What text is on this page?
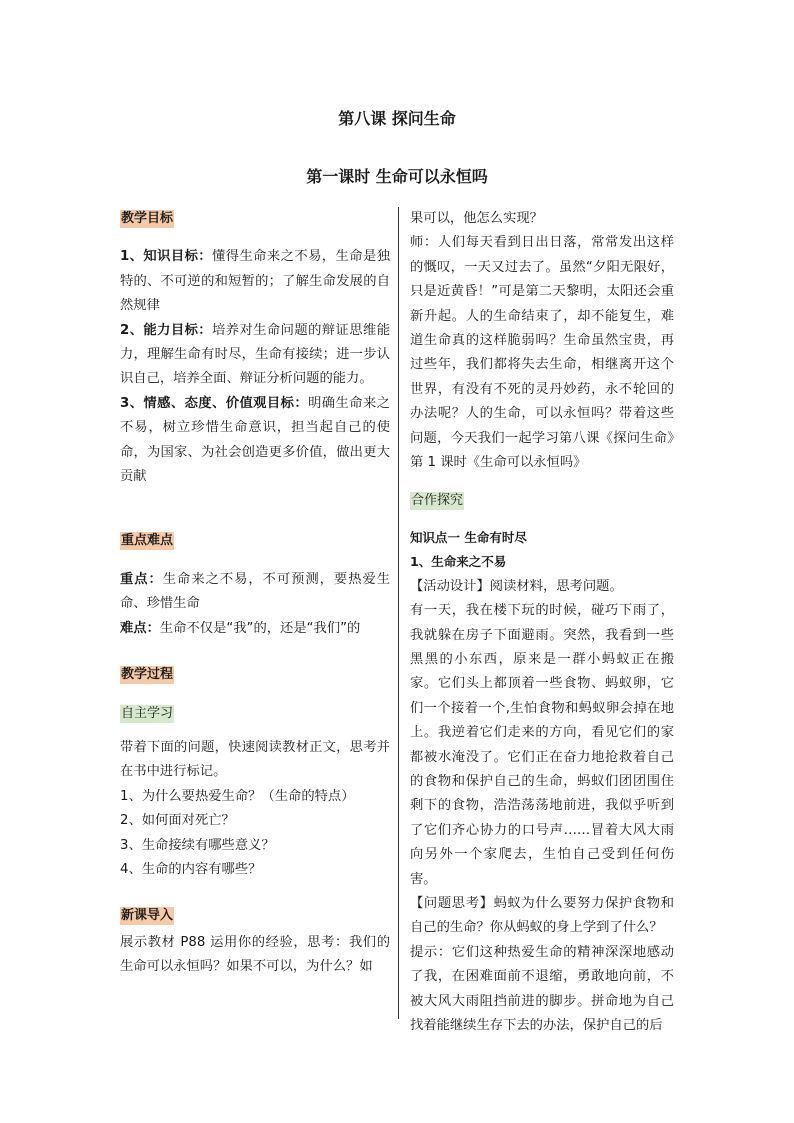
第八课 探问生命
第一课时 生命可以永恒吗
教学目标

1、知识目标：懂得生命来之不易，生命是独特的、不可逆的和短暂的；了解生命发展的自然规律

2、能力目标：培养对生命问题的辩证思维能力，理解生命有时尽，生命有接续；进一步认识自己，培养全面、辩证分析问题的能力。

3、情感、态度、价值观目标：明确生命来之不易，树立珍惜生命意识，担当起自己的使命，为国家、为社会创造更多价值，做出更大贡献

重点难点

重点：生命来之不易，不可预测，要热爱生命、珍惜生命

难点：生命不仅是“我”的，还是“我们”的

教学过程
自主学习

带着下面的问题，快速阅读教材正文，思考并在书中进行标记。

1、为什么要热爱生命？（生命的特点）

2、如何面对死亡？

3、生命接续有哪些意义？

4、生命的内容有哪些？

新课导入

展示教材 P88 运用你的经验，思考：我们的生命可以永恒吗？如果不可以，为什么？如

果可以，他怎么实现？

师：人们每天看到日出日落，常常发出这样的慨叹，一天又过去了。虽然“夕阳无限好，只是近黄昏！”可是第二天黎明，太阳还会重新升起。人的生命结束了，却不能复生，难道生命真的这样脆弱吗？生命虽然宝贵，再过些年，我们都将失去生命，相继离开这个世界，有没有不死的灵丹妙药，永不轮回的办法呢？人的生命，可以永恒吗？带着这些问题，今天我们一起学习第八课《探问生命》第 1 课时《生命可以永恒吗》

合作探究

知识点一 生命有时尽

1、生命来之不易

【活动设计】阅读材料，思考问题。

有一天，我在楼下玩的时候，碰巧下雨了，我就躲在房子下面避雨。突然，我看到一些黑黑的小东西，原来是一群小蚂蚁正在搬家。它们头上都顶着一些食物、蚂蚁卵，它们一个接着一个,生怕食物和蚂蚁卵会掉在地上。我逆着它们走来的方向，看见它们的家都被水淹没了。它们正在奋力地抢救着自己的食物和保护自己的生命，蚂蚁们团团围住剩下的食物，浩浩荡荡地前进，我似乎听到了它们齐心协力的口号声……冒着大风大雨向另外一个家爬去，生怕自己受到任何伤害。

【问题思考】蚂蚁为什么要努力保护食物和自己的生命？你从蚂蚁的身上学到了什么？

提示：它们这种热爱生命的精神深深地感动了我，在困难面前不退缩，勇敢地向前，不被大风大雨阻挡前进的脚步。拼命地为自己找着能继续生存下去的办法，保护自己的后
